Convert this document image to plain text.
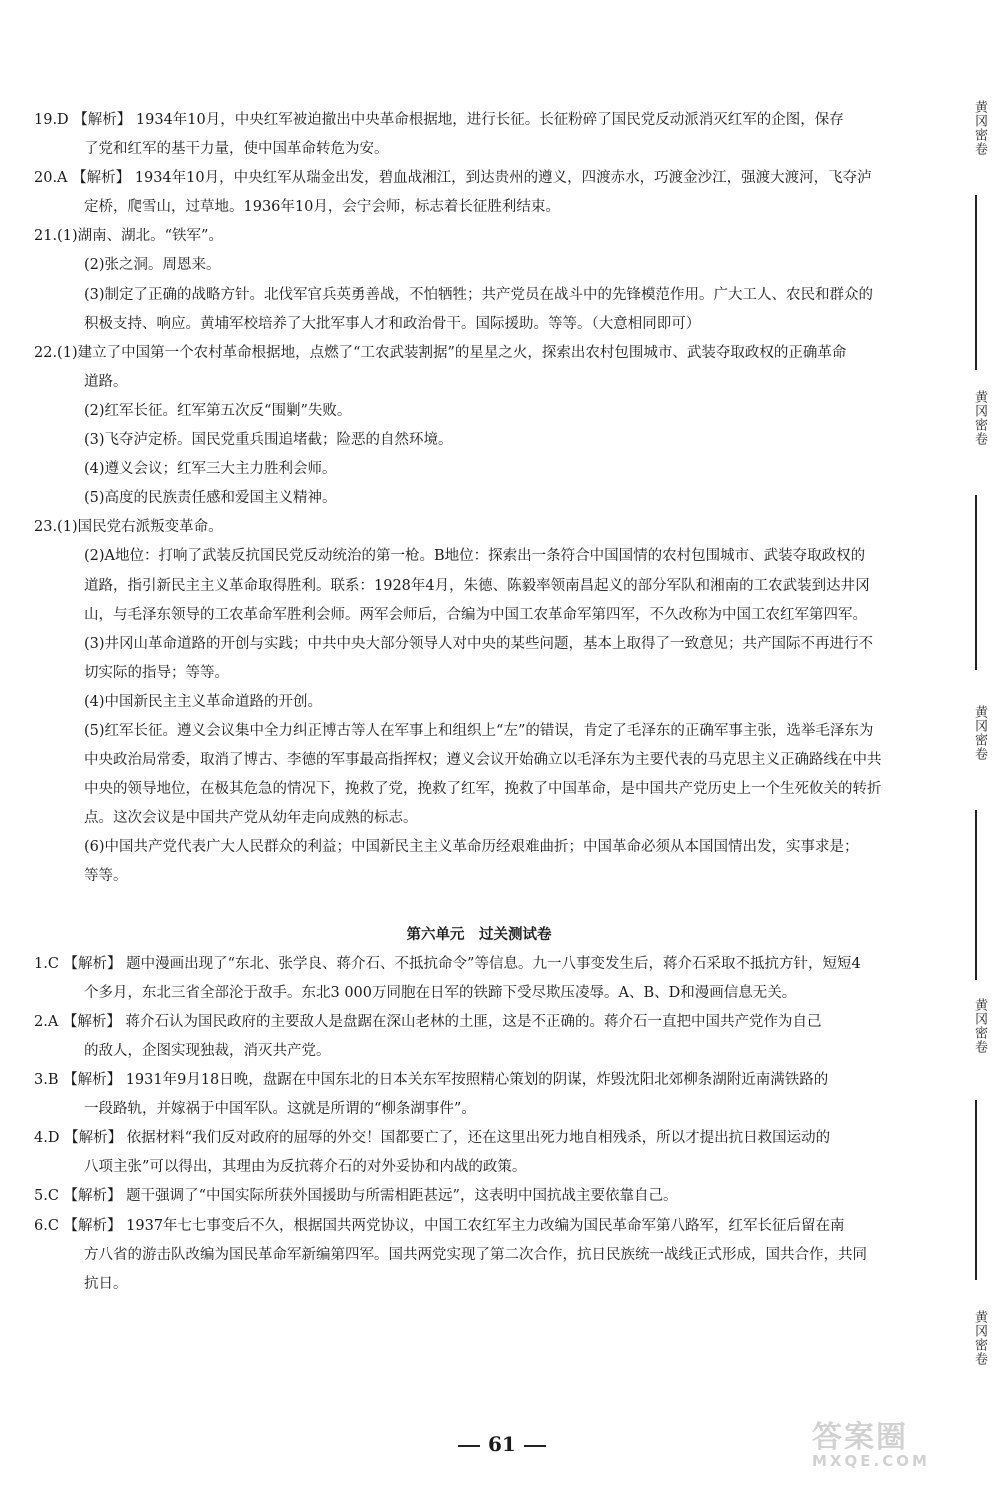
19.D 【解析】 1934年10月，中央红军被迫撤出中央革命根据地，进行长征。长征粉碎了国民党反动派消灭红军的企图，保存
了党和红军的基干力量，使中国革命转危为安。
20.A 【解析】 1934年10月，中央红军从瑞金出发，碧血战湘江，到达贵州的遵义，四渡赤水，巧渡金沙江，强渡大渡河，飞夺泸
定桥，爬雪山，过草地。1936年10月，会宁会师，标志着长征胜利结束。
21.(1)湖南、湖北。“铁军”。
(2)张之洞。周恩来。
(3)制定了正确的战略方针。北伐军官兵英勇善战，不怕牺牲；共产党员在战斗中的先锋模范作用。广大工人、农民和群众的
积极支持、响应。黄埔军校培养了大批军事人才和政治骨干。国际援助。等等。（大意相同即可）
22.(1)建立了中国第一个农村革命根据地，点燃了“工农武装割据”的星星之火，探索出农村包围城市、武装夺取政权的正确革命
道路。
(2)红军长征。红军第五次反“围剿”失败。
(3)飞夺泸定桥。国民党重兵围追堵截；险恶的自然环境。
(4)遵义会议；红军三大主力胜利会师。
(5)高度的民族责任感和爱国主义精神。
23.(1)国民党右派叛变革命。
(2)A地位：打响了武装反抗国民党反动统治的第一枪。B地位：探索出一条符合中国国情的农村包围城市、武装夺取政权的
道路，指引新民主主义革命取得胜利。联系：1928年4月，朱德、陈毅率领南昌起义的部分军队和湘南的工农武装到达井冈
山，与毛泽东领导的工农革命军胜利会师。两军会师后，合编为中国工农革命军第四军，不久改称为中国工农红军第四军。
(3)井冈山革命道路的开创与实践；中共中央大部分领导人对中央的某些问题，基本上取得了一致意见；共产国际不再进行不
切实际的指导；等等。
(4)中国新民主主义革命道路的开创。
(5)红军长征。遵义会议集中全力纠正博古等人在军事上和组织上“左”的错误，肯定了毛泽东的正确军事主张，选举毛泽东为
中央政治局常委，取消了博古、李德的军事最高指挥权；遵义会议开始确立以毛泽东为主要代表的马克思主义正确路线在中共
中央的领导地位，在极其危急的情况下，挽救了党，挽救了红军，挽救了中国革命，是中国共产党历史上一个生死攸关的转折
点。这次会议是中国共产党从幼年走向成熟的标志。
(6)中国共产党代表广大人民群众的利益；中国新民主主义革命历经艰难曲折；中国革命必须从本国国情出发，实事求是；
等等。
第六单元　过关测试卷
1.C 【解析】 题中漫画出现了“东北、张学良、蒋介石、不抵抗命令”等信息。九一八事变发生后，蒋介石采取不抵抗方针，短短4
个多月，东北三省全部沦于敌手。东北3 000万同胞在日军的铁蹄下受尽欺压凌辱。A、B、D和漫画信息无关。
2.A 【解析】 蒋介石认为国民政府的主要敌人是盘踞在深山老林的土匪，这是不正确的。蒋介石一直把中国共产党作为自己
的敌人，企图实现独裁，消灭共产党。
3.B 【解析】 1931年9月18日晚，盘踞在中国东北的日本关东军按照精心策划的阴谋，炸毁沈阳北郊柳条湖附近南满铁路的
一段路轨，并嫁祸于中国军队。这就是所谓的“柳条湖事件”。
4.D 【解析】 依据材料“我们反对政府的屈辱的外交！国都要亡了，还在这里出死力地自相残杀，所以才提出抗日救国运动的
八项主张”可以得出，其理由为反抗蒋介石的对外妥协和内战的政策。
5.C 【解析】 题干强调了“中国实际所获外国援助与所需相距甚远”，这表明中国抗战主要依靠自己。
6.C 【解析】 1937年七七事变后不久，根据国共两党协议，中国工农红军主力改编为国民革命军第八路军，红军长征后留在南
方八省的游击队改编为国民革命军新编第四军。国共两党实现了第二次合作，抗日民族统一战线正式形成，国共合作，共同
抗日。
黄冈密卷
黄冈密卷
黄冈密卷
黄冈密卷
黄冈密卷
61	答案圈
MXQE.COM
